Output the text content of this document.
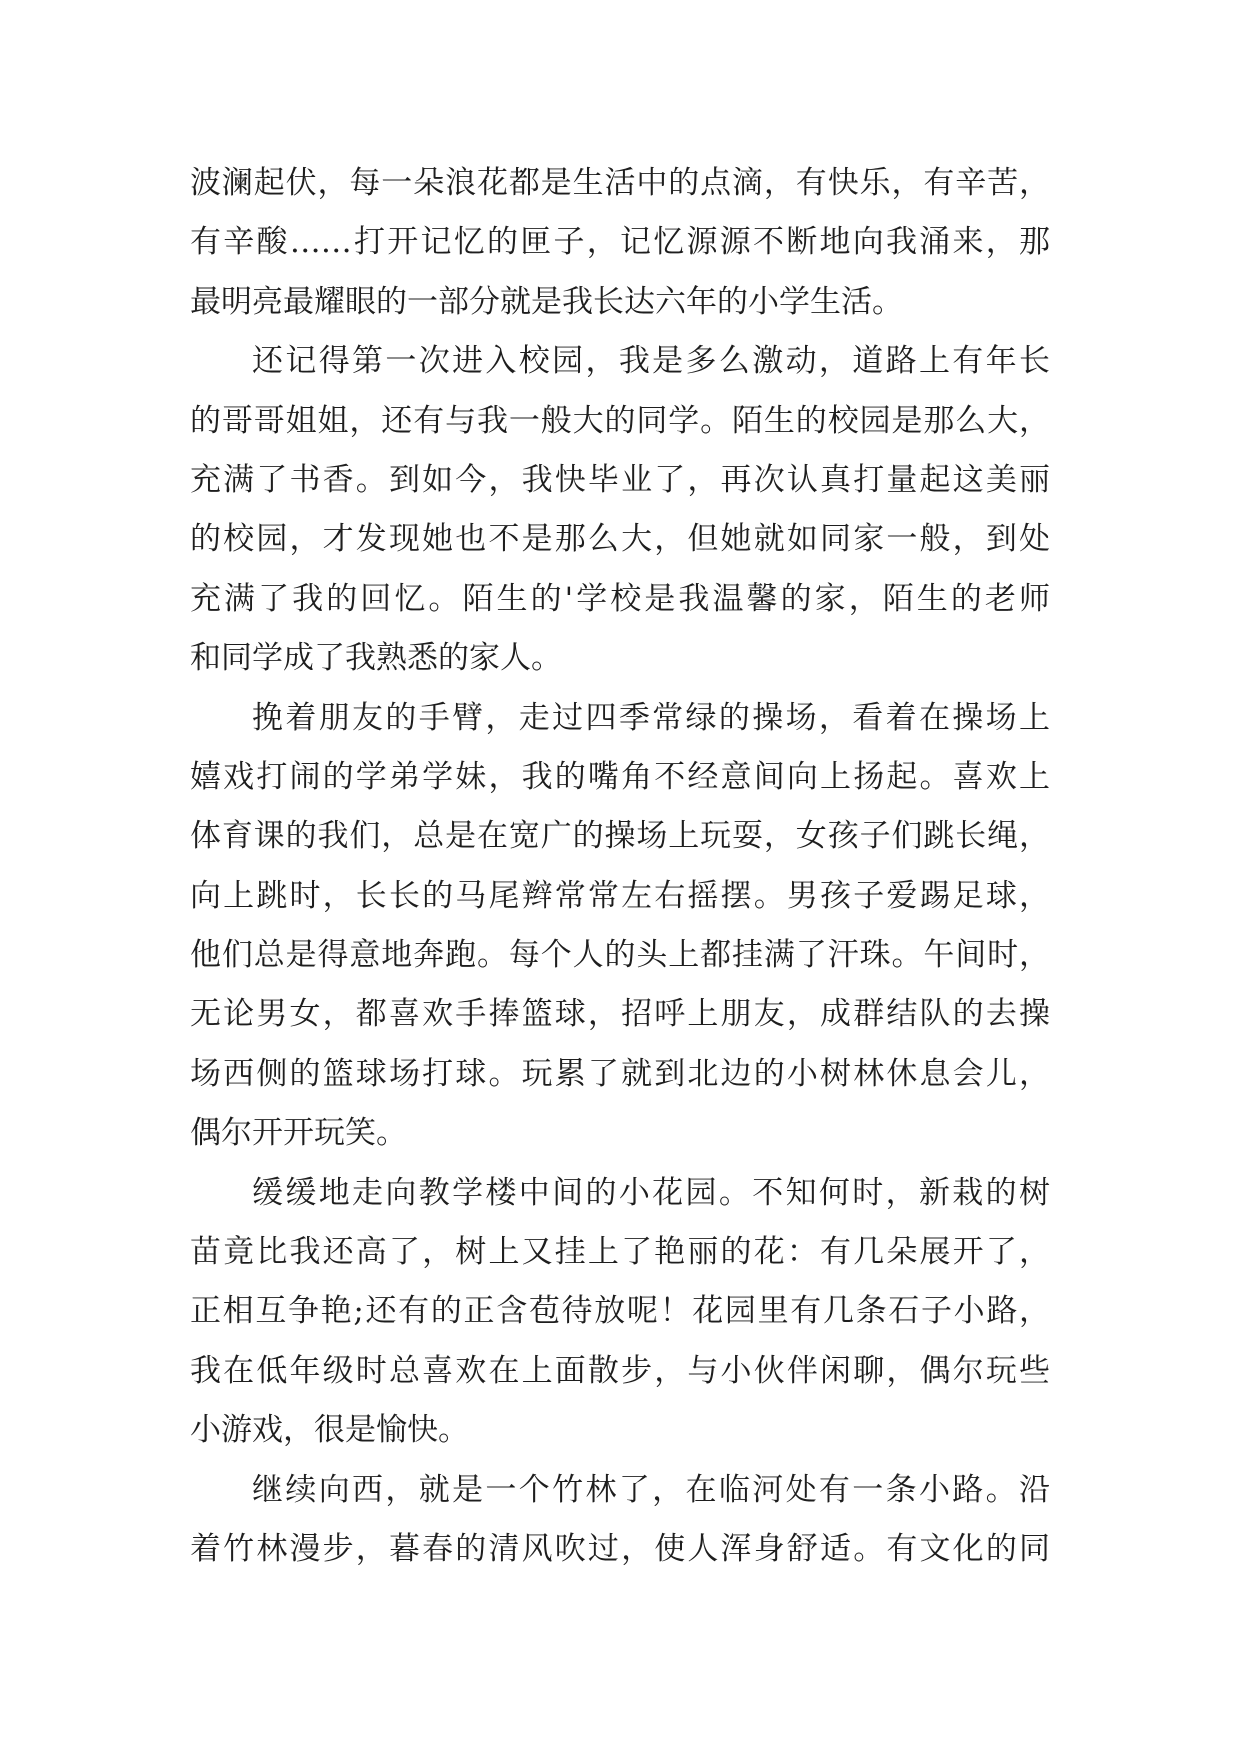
波澜起伏，每一朵浪花都是生活中的点滴，有快乐，有辛苦，
有辛酸……打开记忆的匣子，记忆源源不断地向我涌来，那
最明亮最耀眼的一部分就是我长达六年的小学生活。
还记得第一次进入校园，我是多么激动，道路上有年长
的哥哥姐姐，还有与我一般大的同学。陌生的校园是那么大，
充满了书香。到如今，我快毕业了，再次认真打量起这美丽
的校园，才发现她也不是那么大，但她就如同家一般，到处
充满了我的回忆。陌生的'学校是我温馨的家，陌生的老师
和同学成了我熟悉的家人。
挽着朋友的手臂，走过四季常绿的操场，看着在操场上
嬉戏打闹的学弟学妹，我的嘴角不经意间向上扬起。喜欢上
体育课的我们，总是在宽广的操场上玩耍，女孩子们跳长绳，
向上跳时，长长的马尾辫常常左右摇摆。男孩子爱踢足球，
他们总是得意地奔跑。每个人的头上都挂满了汗珠。午间时，
无论男女，都喜欢手捧篮球，招呼上朋友，成群结队的去操
场西侧的篮球场打球。玩累了就到北边的小树林休息会儿，
偶尔开开玩笑。
缓缓地走向教学楼中间的小花园。不知何时，新栽的树
苗竟比我还高了，树上又挂上了艳丽的花：有几朵展开了，
正相互争艳;还有的正含苞待放呢！花园里有几条石子小路，
我在低年级时总喜欢在上面散步，与小伙伴闲聊，偶尔玩些
小游戏，很是愉快。
继续向西，就是一个竹林了，在临河处有一条小路。沿
着竹林漫步，暮春的清风吹过，使人浑身舒适。有文化的同
